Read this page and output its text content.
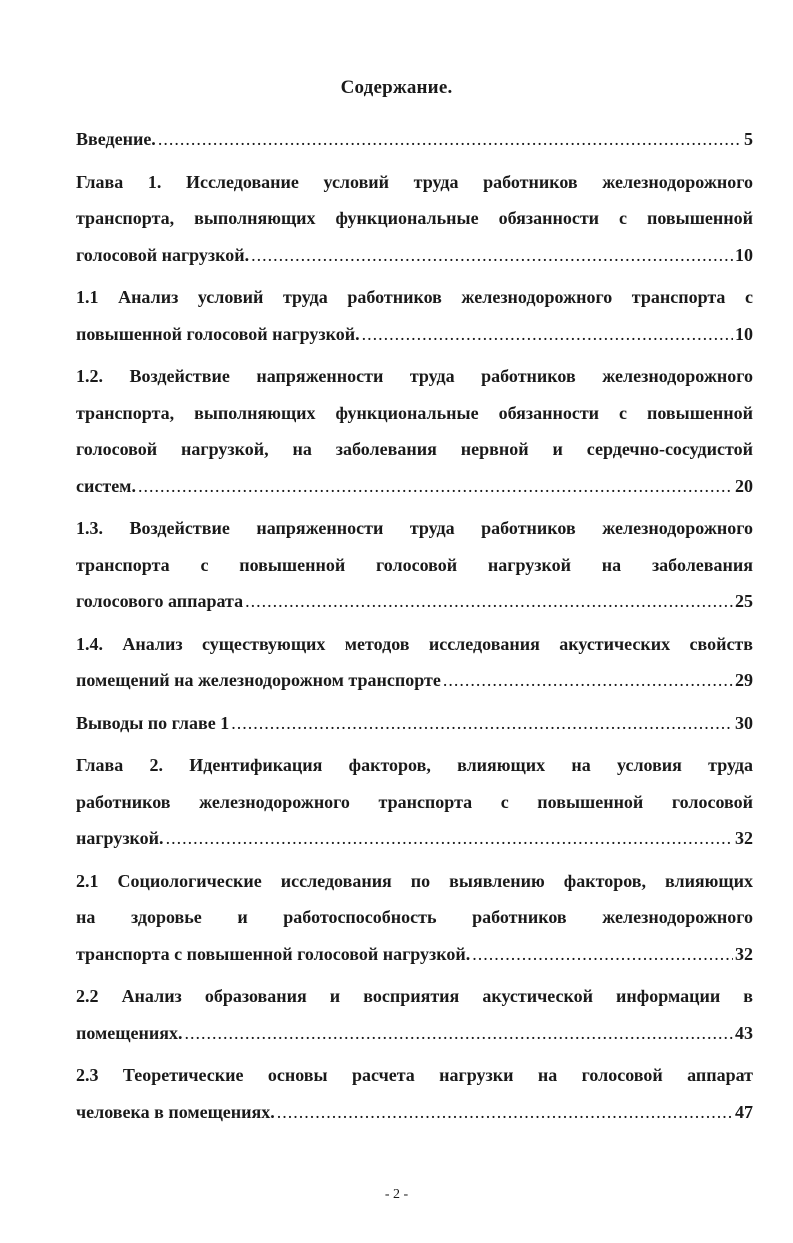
Содержание.
Введение. .....	5
Глава 1. Исследование условий труда работников железнодорожного
транспорта, выполняющих функциональные обязанности с повышенной
голосовой нагрузкой. .....	10
1.1 Анализ условий труда работников железнодорожного транспорта с
повышенной голосовой нагрузкой. .....	10
1.2. Воздействие напряженности труда работников железнодорожного
транспорта, выполняющих функциональные обязанности с повышенной
голосовой нагрузкой, на заболевания нервной и сердечно-сосудистой
систем. .....	20
1.3. Воздействие напряженности труда работников железнодорожного
транспорта с повышенной голосовой нагрузкой на заболевания
голосового аппарата .....	25
1.4. Анализ существующих методов исследования акустических свойств
помещений на железнодорожном транспорте .....	29
Выводы по главе 1 .....	30
Глава 2. Идентификация факторов, влияющих на условия труда
работников железнодорожного транспорта с повышенной голосовой
нагрузкой. .....	32
2.1 Социологические исследования по выявлению факторов, влияющих
на здоровье и работоспособность работников железнодорожного
транспорта с повышенной голосовой нагрузкой. .....	32
2.2 Анализ образования и восприятия акустической информации в
помещениях. .....	43
2.3 Теоретические основы расчета нагрузки на голосовой аппарат
человека в помещениях. .....	47
- 2 -
